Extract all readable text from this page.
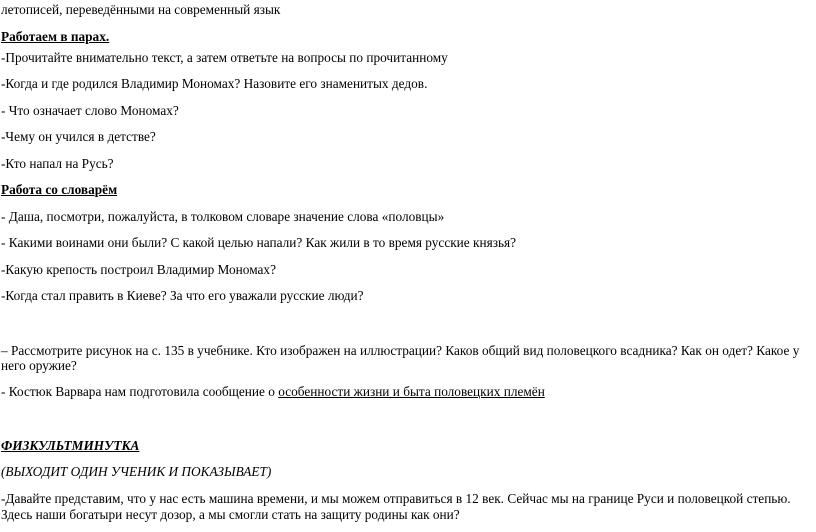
летописей, переведёнными на современный язык
Работаем в парах.
-Прочитайте внимательно текст, а затем ответьте на вопросы по прочитанному
-Когда и где родился Владимир Мономах? Назовите его знаменитых дедов.
- Что означает слово Мономах?
-Чему он учился в детстве?
-Кто напал на Русь?
Работа со словарём
- Даша, посмотри, пожалуйста, в толковом словаре значение слова «половцы»
- Какими воинами они были? С какой целью напали? Как жили в то время русские князья?
-Какую крепость построил Владимир Мономах?
-Когда стал править в Киеве? За что его уважали русские люди?
– Рассмотрите рисунок на с. 135 в учебнике. Кто изображен на иллюстрации? Каков общий вид половецкого всадника? Как он одет? Какое у
него оружие?
- Костюк Варвара нам подготовила сообщение о особенности жизни и быта половецких племён
ФИЗКУЛЬТМИНУТКА
(ВЫХОДИТ ОДИН УЧЕНИК И ПОКАЗЫВАЕТ)
-Давайте представим, что у нас есть машина времени, и мы можем отправиться в 12 век. Сейчас мы на границе Руси и половецкой степью.
Здесь наши богатыри несут дозор, а мы смогли стать на защиту родины как они?
